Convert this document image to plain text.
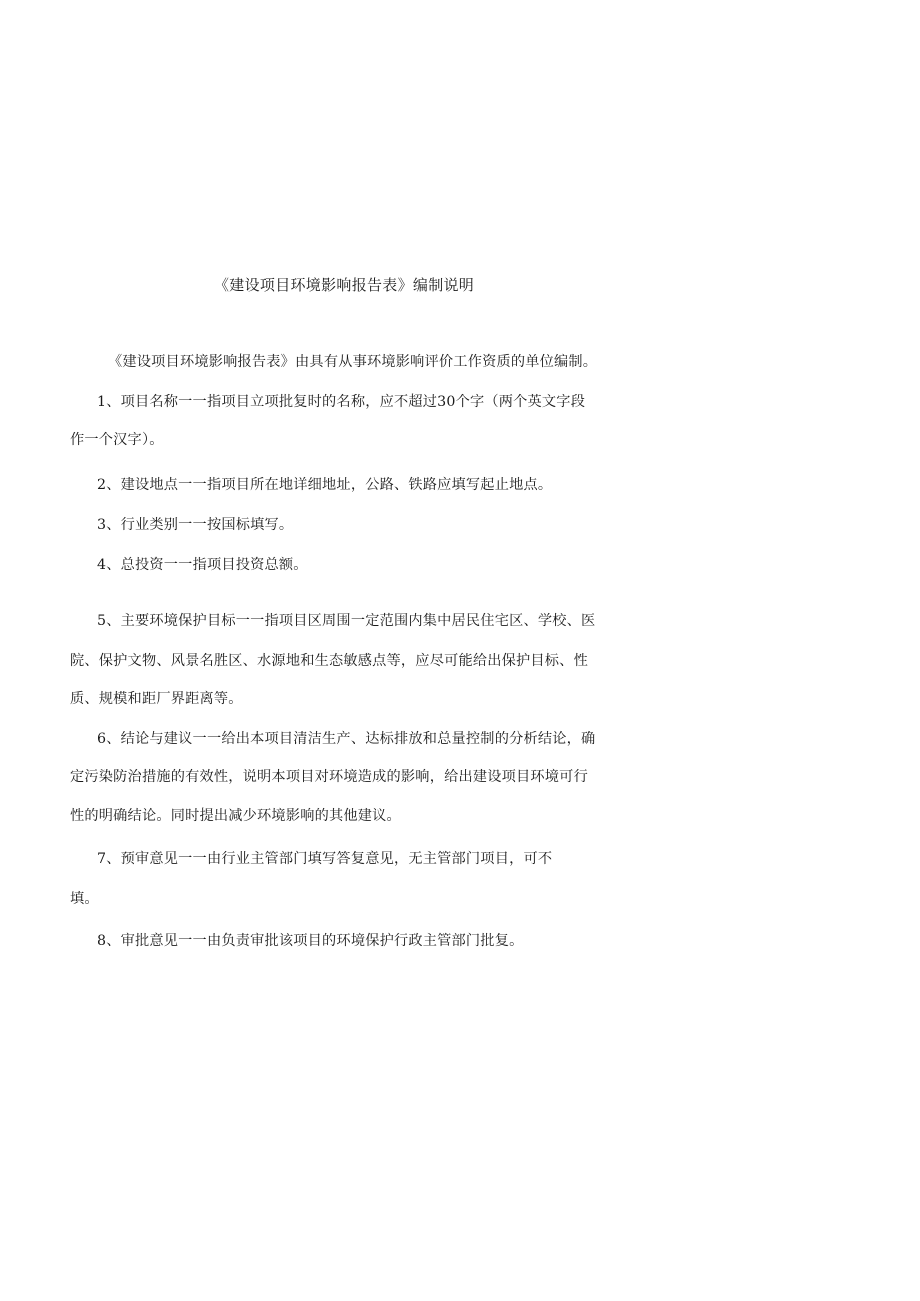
《建设项目环境影响报告表》编制说明
《建设项目环境影响报告表》由具有从事环境影响评价工作资质的单位编制。
1、项目名称一一指项目立项批复时的名称，应不超过30个字（两个英文字段
作一个汉字）。
2、建设地点一一指项目所在地详细地址，公路、铁路应填写起止地点。
3、行业类别一一按国标填写。
4、总投资一一指项目投资总额。
5、主要环境保护目标一一指项目区周围一定范围内集中居民住宅区、学校、医
院、保护文物、风景名胜区、水源地和生态敏感点等，应尽可能给出保护目标、性
质、规模和距厂界距离等。
6、结论与建议一一给出本项目清洁生产、达标排放和总量控制的分析结论，确
定污染防治措施的有效性，说明本项目对环境造成的影响，给出建设项目环境可行
性的明确结论。同时提出减少环境影响的其他建议。
7、预审意见一一由行业主管部门填写答复意见，无主管部门项目，可不
填。
8、审批意见一一由负责审批该项目的环境保护行政主管部门批复。
